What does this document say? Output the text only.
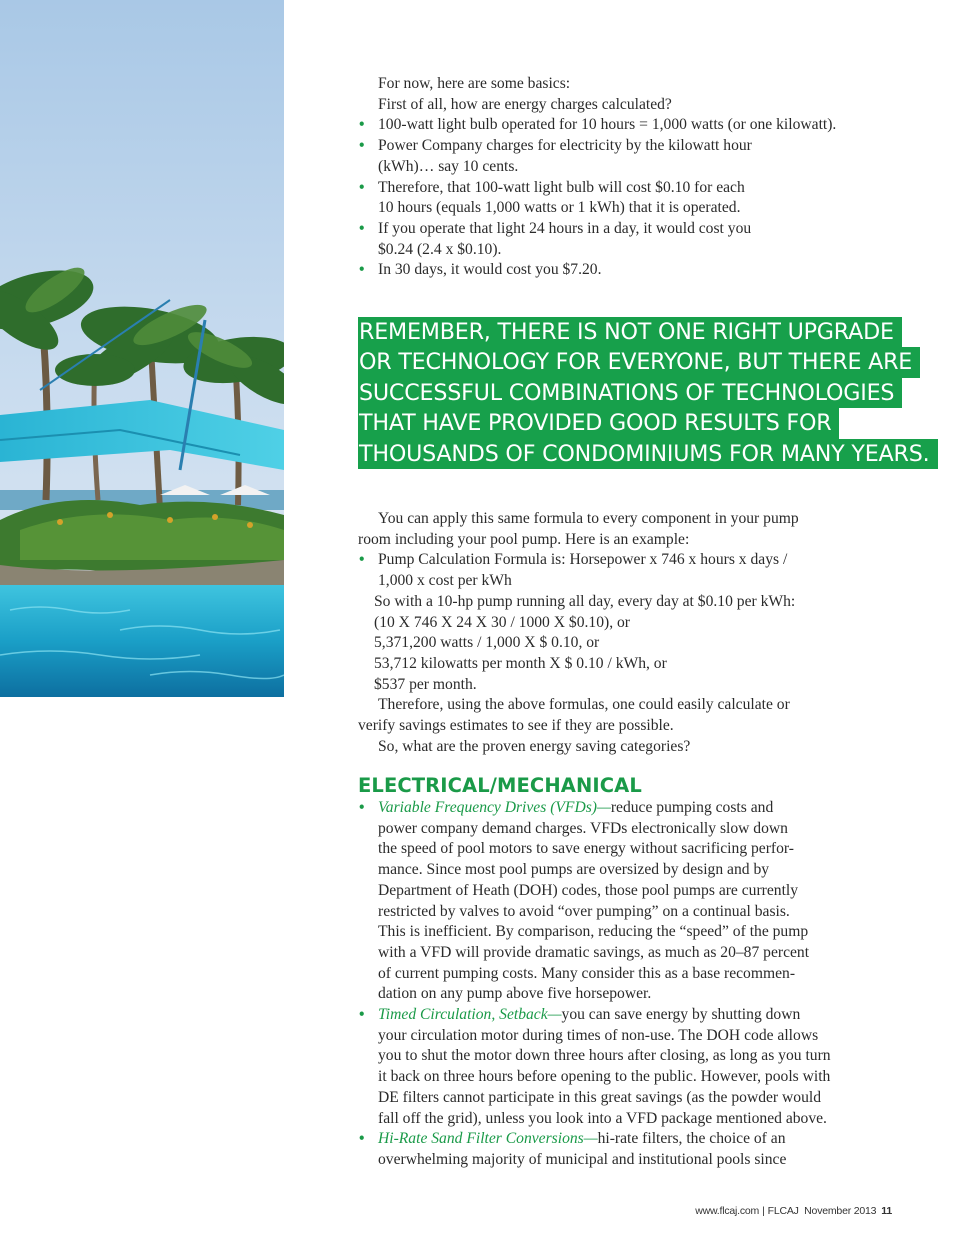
For now, here are some basics:

First of all, how are energy charges calculated?

• 100-watt light bulb operated for 10 hours = 1,000 watts (or one kilowatt).
• Power Company charges for electricity by the kilowatt hour
(kWh)… say 10 cents.
• Therefore, that 100-watt light bulb will cost $0.10 for each
10 hours (equals 1,000 watts or 1 kWh) that it is operated.
• If you operate that light 24 hours in a day, it would cost you
$0.24 (2.4 x $0.10).
• In 30 days, it would cost you $7.20.
REMEMBER, THERE IS NOT ONE RIGHT UPGRADE
OR TECHNOLOGY FOR EVERYONE, BUT THERE ARE
SUCCESSFUL COMBINATIONS OF TECHNOLOGIES
THAT HAVE PROVIDED GOOD RESULTS FOR
THOUSANDS OF CONDOMINIUMS FOR MANY YEARS.

You can apply this same formula to every component in your pump

room including your pool pump. Here is an example:

• Pump Calculation Formula is: Horsepower x 746 x hours x days /
1,000 x cost per kWh

So with a 10-hp pump running all day, every day at $0.10 per kWh:

(10 X 746 X 24 X 30 / 1000 X $0.10), or

5,371,200 watts / 1,000 X $ 0.10, or

53,712 kilowatts per month X $ 0.10 / kWh, or

$537 per month.

Therefore, using the above formulas, one could easily calculate or

verify savings estimates to see if they are possible.

So, what are the proven energy saving categories?

ELECTRICAL/MECHANICAL
• Variable Frequency Drives (VFDs)—reduce pumping costs and
power company demand charges. VFDs electronically slow down
the speed of pool motors to save energy without sacrificing perfor-
mance. Since most pool pumps are oversized by design and by
Department of Heath (DOH) codes, those pool pumps are currently
restricted by valves to avoid “over pumping” on a continual basis.
This is inefficient. By comparison, reducing the “speed” of the pump
with a VFD will provide dramatic savings, as much as 20–87 percent
of current pumping costs. Many consider this as a base recommen-
dation on any pump above five horsepower.
• Timed Circulation, Setback—you can save energy by shutting down
your circulation motor during times of non-use. The DOH code allows
you to shut the motor down three hours after closing, as long as you turn
it back on three hours before opening to the public. However, pools with
DE filters cannot participate in this great savings (as the powder would
fall off the grid), unless you look into a VFD package mentioned above.
• Hi-Rate Sand Filter Conversions—hi-rate filters, the choice of an
overwhelming majority of municipal and institutional pools since
www.flcaj.com | FLCAJ November 2013 11
